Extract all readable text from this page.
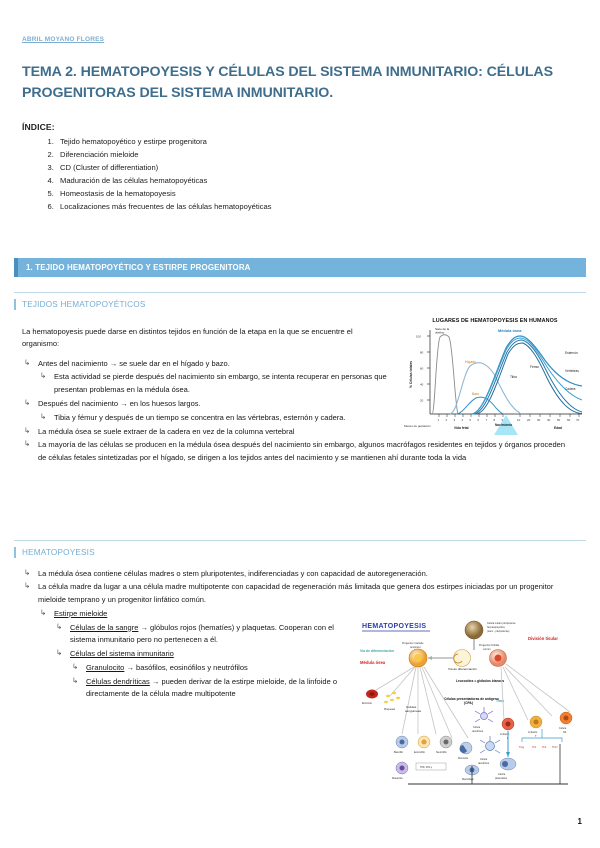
ABRIL MOYANO FLORES
TEMA 2. HEMATOPOYESIS Y CÉLULAS DEL SISTEMA INMUNITARIO: CÉLULAS PROGENITORAS DEL SISTEMA INMUNITARIO.
ÍNDICE:
1. Tejido hematopoyético y estirpe progenitora
2. Diferenciación mieloide
3. CD (Cluster of differentiation)
4. Maduración de las células hematopoyéticas
5. Homeostasis de la hematopoyesis
6. Localizaciones más frecuentes de las células hematopoyéticas
1. TEJIDO HEMATOPOYÉTICO Y ESTIRPE PROGENITORA
TEJIDOS HEMATOPOYÉTICOS
La hematopoyesis puede darse en distintos tejidos en función de la etapa en la que se encuentre el organismo:
↳ Antes del nacimiento → se suele dar en el hígado y bazo.
↳ Esta actividad se pierde después del nacimiento sin embargo, se intenta recuperar en personas que presentan problemas en la médula ósea.
↳ Después del nacimiento → en los huesos largos.
↳ Tibia y fémur y después de un tiempo se concentra en las vértebras, esternón y cadera.
↳ La médula ósea se suele extraer de la cadera en vez de la columna vertebral
↳ La mayoría de las células se producen en la médula ósea después del nacimiento sin embargo, algunos macrófagos residentes en tejidos y órganos proceden de células fetales sintetizadas por el hígado, se dirigen a los tejidos antes del nacimiento y se mantienen ahí durante toda la vida
HEMATOPOYESIS
↳ La médula ósea contiene células madres o stem pluripotentes, indiferenciadas y con capacidad de autoregeneración.
↳ La célula madre da lugar a una célula madre multipotente con capacidad de regeneración más limitada que genera dos estirpes iniciadas por un progenitor mieloide temprano y un progenitor linfático común.
↳ Estirpe mieloide
↳ Células de la sangre → glóbulos rojos (hematíes) y plaquetas. Cooperan con el sistema inmunitario pero no pertenecen a él.
↳ Células del sistema inmunitario
↳ Granulocito → basófilos, eosinófilos y neutrófilos
↳ Células dendríticas → pueden derivar de la estirpe mieloide, de la linfoide o directamente de la célula madre multipotente
LUGARES DE HEMATOPOYESIS EN HUMANOS
100
80
60
40
20
% Células totales
1 2 3 4 5 6 7 8 9	10 20 30 40 50 60 70
Meses de gestación	Vida fetal	Edad
Saco de la
vitelino
Hígado
Bazo
Médula ósea
Tibia
Fémur
Esternón
Vértebras
Cadera
Nacimiento
HEMATOPOYESIS
Médula ósea
División tisular
Vía de diferenciación
Timo
Célula madre pluripotente
hematopoyética
(stem - pluripotente)
Progenitor linfoide
común
Vía de diferenciación
Progenitor mieloide
temprano
Leucocitos = glóbulos blancos
Células presentadoras de antígeno
(CPA)
Eritrocito
Plaquetas
Células
sanguíneas
Basófilo	Eosinófilo	Neutrófilo
Monocito	Célula
dendrítica
Célula
dendrítica
Macrófago
Mastocito
TNF, IFN-γ
Linfocito
Linfocito
T
Célula
NK
Célula
plasmática
Treg	Th1 Th2 Th17
1
